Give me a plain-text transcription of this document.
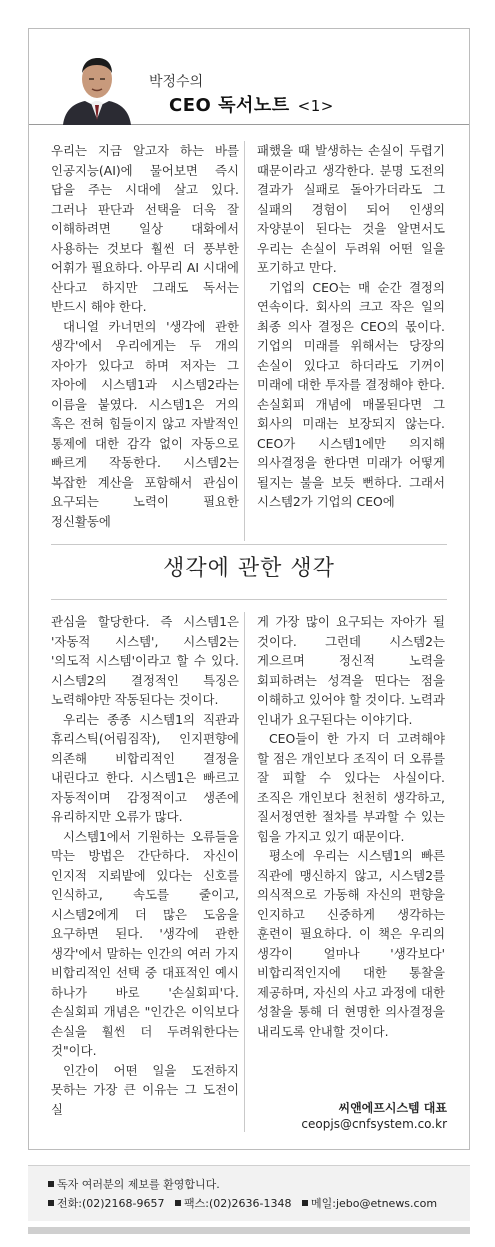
박정수의
CEO 독서노트 <1>

우리는 지금 알고자 하는 바를 인공지능(AI)에 물어보면 즉시 답을 주는 시대에 살고 있다. 그러나 판단과 선택을 더욱 잘 이해하려면 일상 대화에서 사용하는 것보다 훨씬 더 풍부한 어휘가 필요하다. 아무리 AI 시대에 산다고 하지만 그래도 독서는 반드시 해야 한다.

대니얼 카너먼의 '생각에 관한 생각'에서 우리에게는 두 개의 자아가 있다고 하며 저자는 그 자아에 시스템1과 시스템2라는 이름을 붙였다. 시스템1은 거의 혹은 전혀 힘들이지 않고 자발적인 통제에 대한 감각 없이 자동으로 빠르게 작동한다. 시스템2는 복잡한 계산을 포함해서 관심이 요구되는 노력이 필요한 정신활동에

패했을 때 발생하는 손실이 두렵기 때문이라고 생각한다. 분명 도전의 결과가 실패로 돌아가더라도 그 실패의 경험이 되어 인생의 자양분이 된다는 것을 알면서도 우리는 손실이 두려워 어떤 일을 포기하고 만다.

기업의 CEO는 매 순간 결정의 연속이다. 회사의 크고 작은 일의 최종 의사 결정은 CEO의 몫이다. 기업의 미래를 위해서는 당장의 손실이 있다고 하더라도 기꺼이 미래에 대한 투자를 결정해야 한다. 손실회피 개념에 매몰된다면 그 회사의 미래는 보장되지 않는다. CEO가 시스템1에만 의지해 의사결정을 한다면 미래가 어떻게 될지는 불을 보듯 뻔하다. 그래서 시스템2가 기업의 CEO에

생각에 관한 생각

관심을 할당한다. 즉 시스템1은 '자동적 시스템', 시스템2는 '의도적 시스템'이라고 할 수 있다. 시스템2의 결정적인 특징은 노력해야만 작동된다는 것이다.

우리는 종종 시스템1의 직관과 휴리스틱(어림짐작), 인지편향에 의존해 비합리적인 결정을 내린다고 한다. 시스템1은 빠르고 자동적이며 감정적이고 생존에 유리하지만 오류가 많다.

시스템1에서 기원하는 오류들을 막는 방법은 간단하다. 자신이 인지적 지뢰밭에 있다는 신호를 인식하고, 속도를 줄이고, 시스템2에게 더 많은 도움을 요구하면 된다. '생각에 관한 생각'에서 말하는 인간의 여러 가지 비합리적인 선택 중 대표적인 예시 하나가 바로 '손실회피'다. 손실회피 개념은 "인간은 이익보다 손실을 훨씬 더 두려워한다는 것"이다.

인간이 어떤 일을 도전하지 못하는 가장 큰 이유는 그 도전이 실

게 가장 많이 요구되는 자아가 될 것이다. 그런데 시스템2는 게으르며 정신적 노력을 회피하려는 성격을 띤다는 점을 이해하고 있어야 할 것이다. 노력과 인내가 요구된다는 이야기다.

CEO들이 한 가지 더 고려해야 할 점은 개인보다 조직이 더 오류를 잘 피할 수 있다는 사실이다. 조직은 개인보다 천천히 생각하고, 질서정연한 절차를 부과할 수 있는 힘을 가지고 있기 때문이다.

평소에 우리는 시스템1의 빠른 직관에 맹신하지 않고, 시스템2를 의식적으로 가동해 자신의 편향을 인지하고 신중하게 생각하는 훈련이 필요하다. 이 책은 우리의 생각이 얼마나 '생각보다' 비합리적인지에 대한 통찰을 제공하며, 자신의 사고 과정에 대한 성찰을 통해 더 현명한 의사결정을 내리도록 안내할 것이다.

씨앤에프시스템 대표
ceopjs@cnfsystem.co.kr
독자 여러분의 제보를 환영합니다.
전화:(02)2168-9657 팩스:(02)2636-1348 메일:jebo@etnews.com
